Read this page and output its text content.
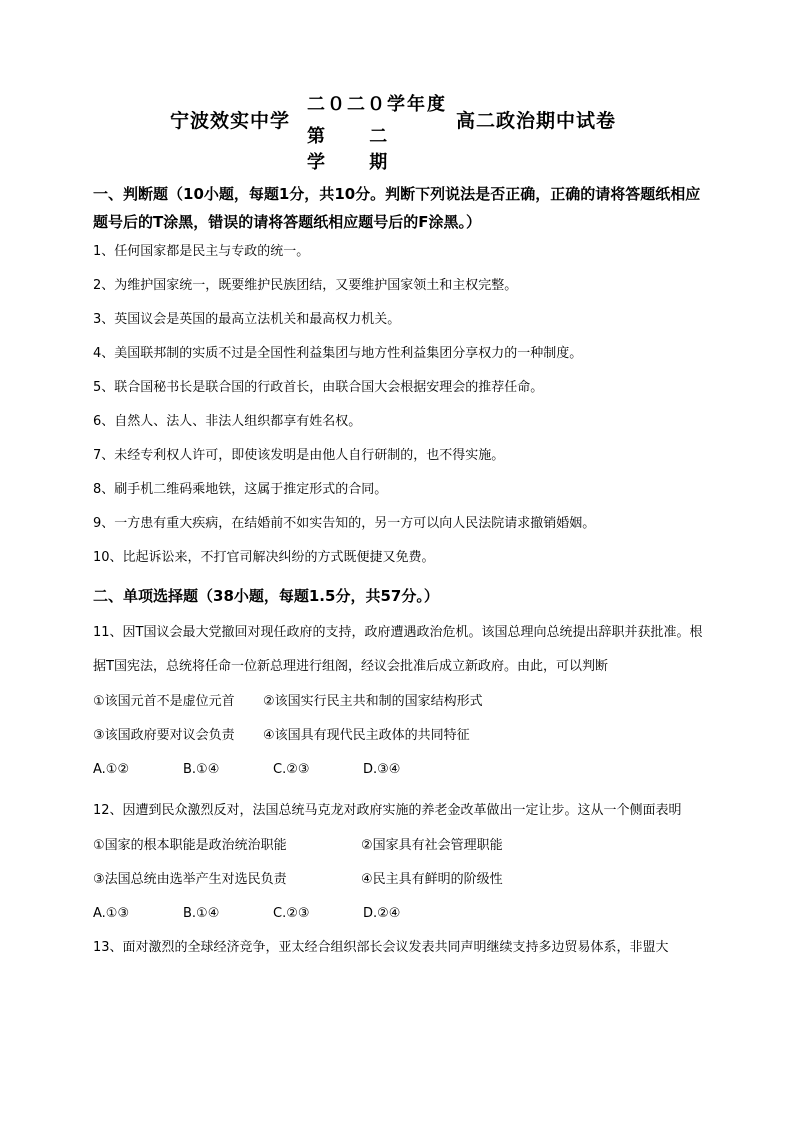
宁波效实中学
二０二０学年度
第 二 学 期
高二政治期中试卷

一、判断题（10小题，每题1分，共10分。判断下列说法是否正确，正确的请将答题纸相应题号后的T涂黑，错误的请将答题纸相应题号后的F涂黑。）

1、任何国家都是民主与专政的统一。

2、为维护国家统一，既要维护民族团结，又要维护国家领土和主权完整。

3、英国议会是英国的最高立法机关和最高权力机关。

4、美国联邦制的实质不过是全国性利益集团与地方性利益集团分享权力的一种制度。

5、联合国秘书长是联合国的行政首长，由联合国大会根据安理会的推荐任命。

6、自然人、法人、非法人组织都享有姓名权。

7、未经专利权人许可，即使该发明是由他人自行研制的，也不得实施。

8、刷手机二维码乘地铁，这属于推定形式的合同。

9、一方患有重大疾病，在结婚前不如实告知的，另一方可以向人民法院请求撤销婚姻。

10、比起诉讼来，不打官司解决纠纷的方式既便捷又免费。

二、单项选择题（38小题，每题1.5分，共57分。）

11、因T国议会最大党撤回对现任政府的支持，政府遭遇政治危机。该国总理向总统提出辞职并获批准。根据T国宪法，总统将任命一位新总理进行组阁，经议会批准后成立新政府。由此，可以判断

①该国元首不是虚位元首	②该国实行民主共和制的国家结构形式
③该国政府要对议会负责	④该国具有现代民主政体的共同特征
A.①②	B.①④	C.②③	D.③④

12、因遭到民众激烈反对，法国总统马克龙对政府实施的养老金改革做出一定让步。这从一个侧面表明

①国家的根本职能是政治统治职能	②国家具有社会管理职能
③法国总统由选举产生对选民负责	④民主具有鲜明的阶级性
A.①③	B.①④	C.②③	D.②④

13、面对激烈的全球经济竞争，亚太经合组织部长会议发表共同声明继续支持多边贸易体系，非盟大
